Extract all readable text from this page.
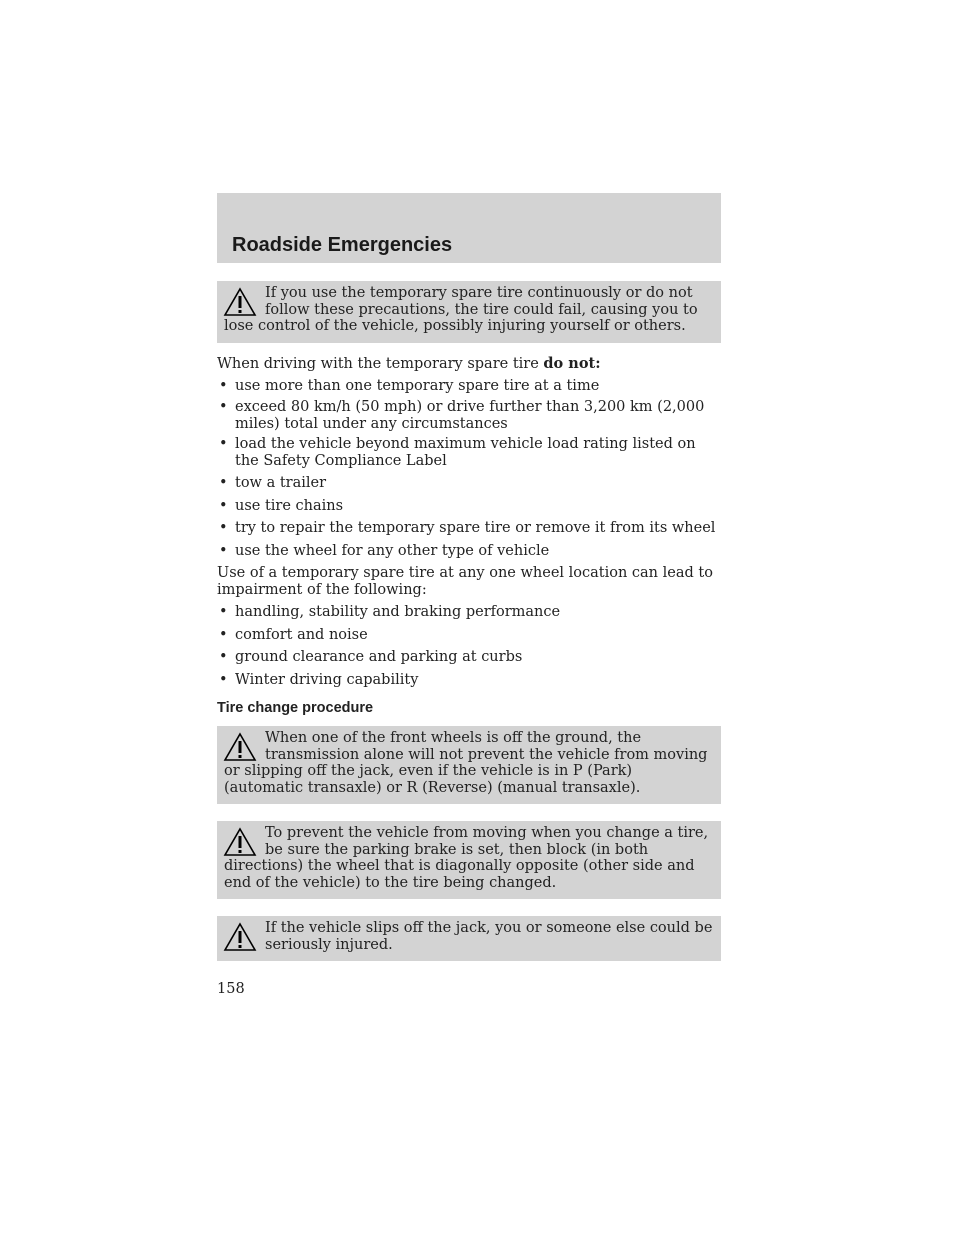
Roadside Emergencies

If you use the temporary spare tire continuously or do not follow these precautions, the tire could fail, causing you to lose control of the vehicle, possibly injuring yourself or others.

When driving with the temporary spare tire do not:

• use more than one temporary spare tire at a time
• exceed 80 km/h (50 mph) or drive further than 3,200 km (2,000 miles) total under any circumstances
• load the vehicle beyond maximum vehicle load rating listed on the Safety Compliance Label
• tow a trailer
• use tire chains
• try to repair the temporary spare tire or remove it from its wheel
• use the wheel for any other type of vehicle

Use of a temporary spare tire at any one wheel location can lead to impairment of the following:

• handling, stability and braking performance
• comfort and noise
• ground clearance and parking at curbs
• Winter driving capability

Tire change procedure

When one of the front wheels is off the ground, the transmission alone will not prevent the vehicle from moving or slipping off the jack, even if the vehicle is in P (Park) (automatic transaxle) or R (Reverse) (manual transaxle).

To prevent the vehicle from moving when you change a tire, be sure the parking brake is set, then block (in both directions) the wheel that is diagonally opposite (other side and end of the vehicle) to the tire being changed.

If the vehicle slips off the jack, you or someone else could be seriously injured.

158
